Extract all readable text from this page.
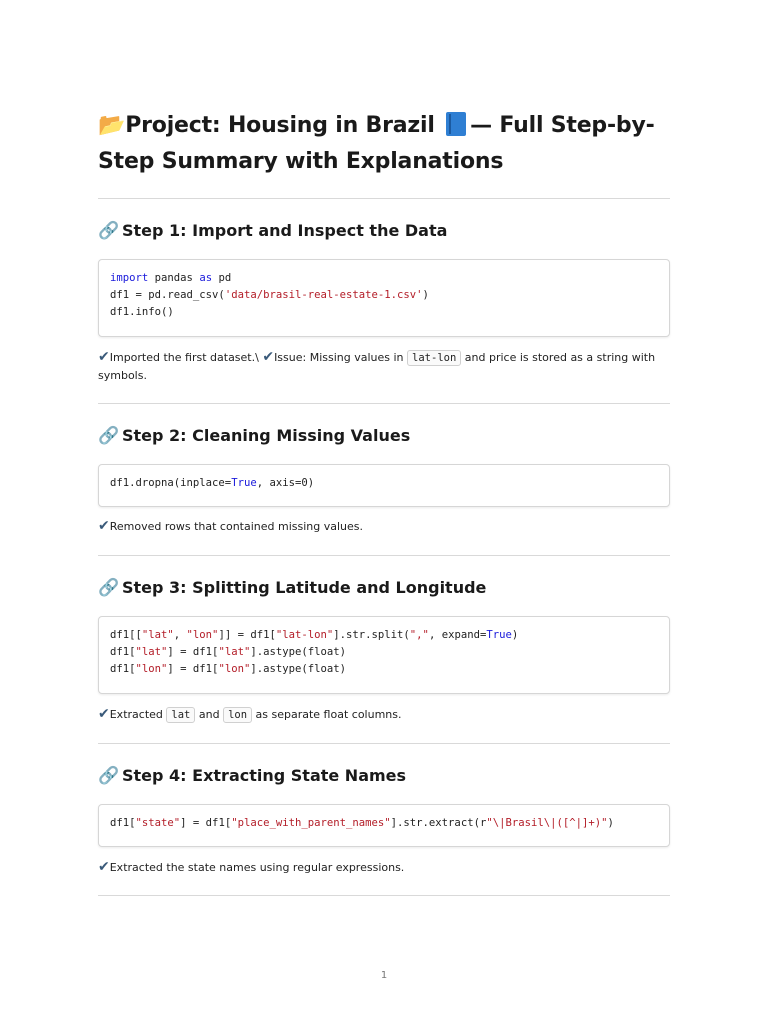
📂Project: Housing in Brazil — Full Step-by-
Step Summary with Explanations
🔗 Step 1: Import and Inspect the Data
import pandas as pd
df1 = pd.read_csv('data/brasil-real-estate-1.csv')
df1.info()
✔Imported the first dataset.\ ✔Issue: Missing values in lat-lon and price is stored as a string with symbols.
🔗 Step 2: Cleaning Missing Values
df1.dropna(inplace=True, axis=0)
✔Removed rows that contained missing values.
🔗 Step 3: Splitting Latitude and Longitude
df1[["lat", "lon"]] = df1["lat-lon"].str.split(",", expand=True)
df1["lat"] = df1["lat"].astype(float)
df1["lon"] = df1["lon"].astype(float)
✔Extracted lat and lon as separate float columns.
🔗 Step 4: Extracting State Names
df1["state"] = df1["place_with_parent_names"].str.extract(r"\|Brasil\|([^|]+)")
✔Extracted the state names using regular expressions.
1
